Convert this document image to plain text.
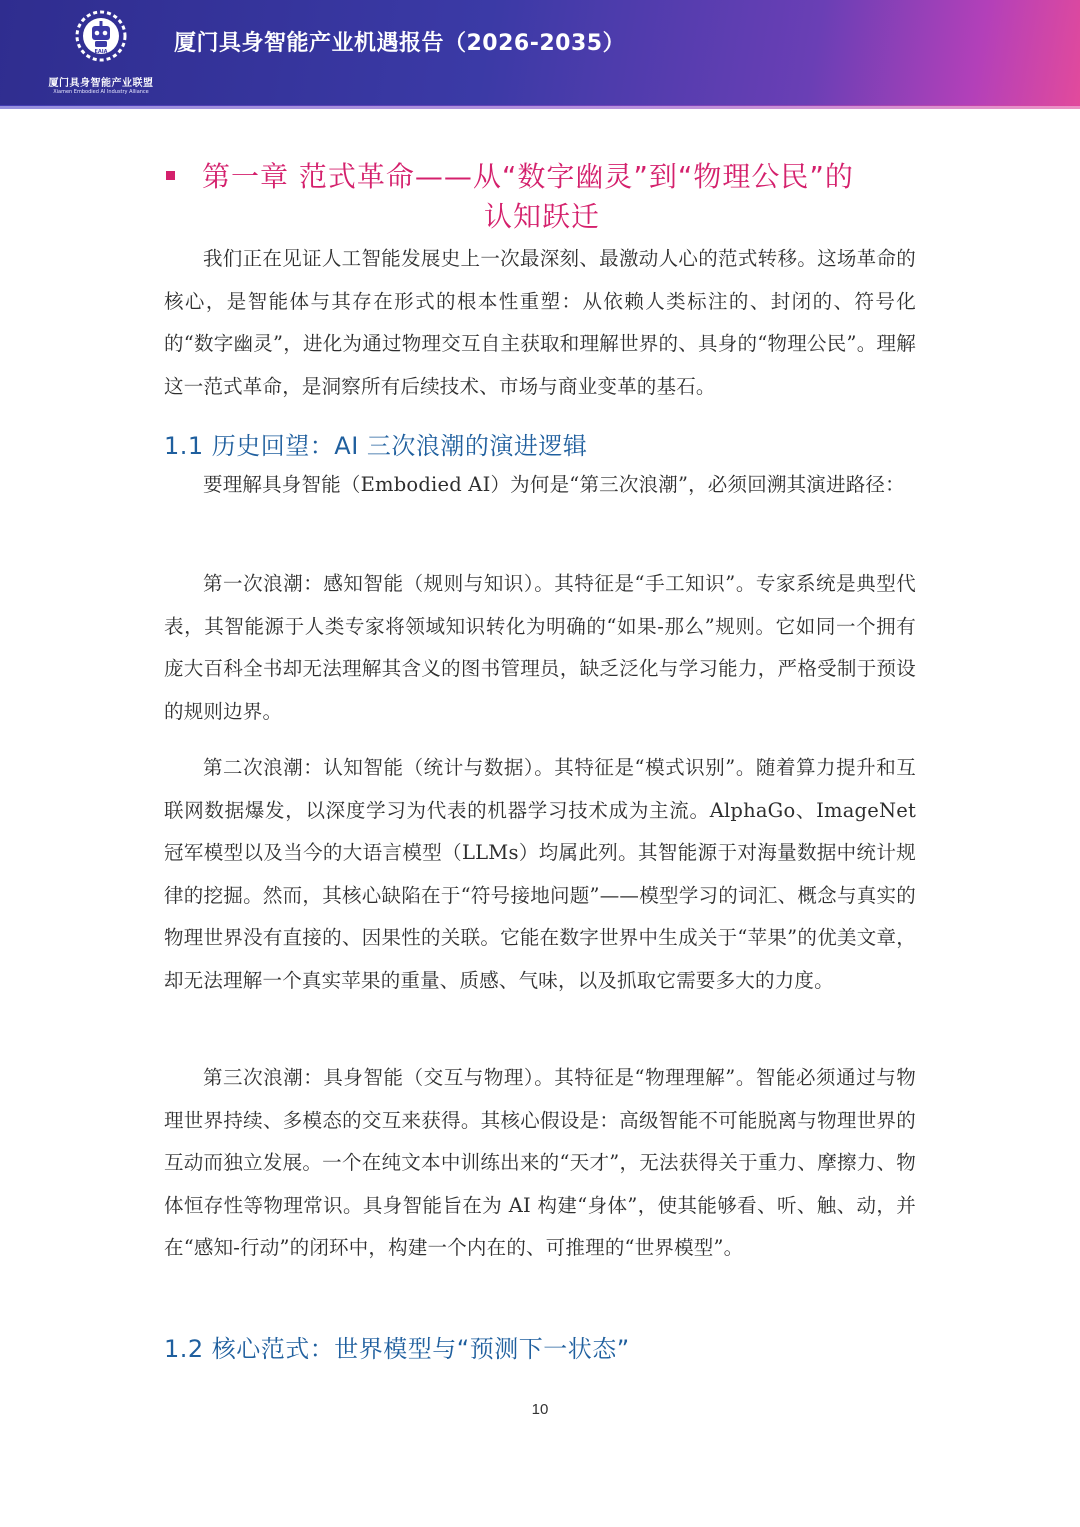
EAIA
厦门具身智能产业联盟
Xiamen Embodied AI Industry Alliance
厦门具身智能产业机遇报告（2026-2035）
第一章 范式革命——从“数字幽灵”到“物理公民”的
认知跃迁

我们正在见证人工智能发展史上一次最深刻、最激动人心的范式转移。这场革命的核心，是智能体与其存在形式的根本性重塑：从依赖人类标注的、封闭的、符号化的“数字幽灵”，进化为通过物理交互自主获取和理解世界的、具身的“物理公民”。理解这一范式革命，是洞察所有后续技术、市场与商业变革的基石。

1.1 历史回望：AI 三次浪潮的演进逻辑

要理解具身智能（Embodied AI）为何是“第三次浪潮”，必须回溯其演进路径：

第一次浪潮：感知智能（规则与知识）。其特征是“手工知识”。专家系统是典型代表，其智能源于人类专家将领域知识转化为明确的“如果-那么”规则。它如同一个拥有庞大百科全书却无法理解其含义的图书管理员，缺乏泛化与学习能力，严格受制于预设的规则边界。

第二次浪潮：认知智能（统计与数据）。其特征是“模式识别”。随着算力提升和互联网数据爆发，以深度学习为代表的机器学习技术成为主流。AlphaGo、ImageNet 冠军模型以及当今的大语言模型（LLMs）均属此列。其智能源于对海量数据中统计规律的挖掘。然而，其核心缺陷在于“符号接地问题”——模型学习的词汇、概念与真实的物理世界没有直接的、因果性的关联。它能在数字世界中生成关于“苹果”的优美文章，却无法理解一个真实苹果的重量、质感、气味，以及抓取它需要多大的力度。

第三次浪潮：具身智能（交互与物理）。其特征是“物理理解”。智能必须通过与物理世界持续、多模态的交互来获得。其核心假设是：高级智能不可能脱离与物理世界的互动而独立发展。一个在纯文本中训练出来的“天才”，无法获得关于重力、摩擦力、物体恒存性等物理常识。具身智能旨在为 AI 构建“身体”，使其能够看、听、触、动，并在“感知-行动”的闭环中，构建一个内在的、可推理的“世界模型”。

1.2 核心范式：世界模型与“预测下一状态”
10
